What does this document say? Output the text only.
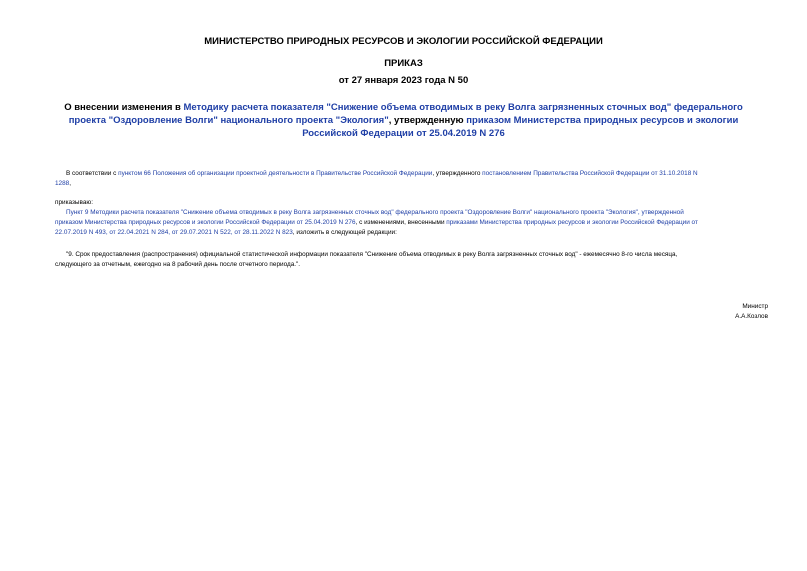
МИНИСТЕРСТВО ПРИРОДНЫХ РЕСУРСОВ И ЭКОЛОГИИ РОССИЙСКОЙ ФЕДЕРАЦИИ
ПРИКАЗ
от 27 января 2023 года N 50
О внесении изменения в Методику расчета показателя "Снижение объема отводимых в реку Волга загрязненных сточных вод" федерального проекта "Оздоровление Волги" национального проекта "Экология", утвержденную приказом Министерства природных ресурсов и экологии Российской Федерации от 25.04.2019 N 276
В соответствии с пунктом 66 Положения об организации проектной деятельности в Правительстве Российской Федерации, утвержденного постановлением Правительства Российской Федерации от 31.10.2018 N
1288,
приказываю:
Пункт 9 Методики расчета показателя "Снижение объема отводимых в реку Волга загрязненных сточных вод" федерального проекта "Оздоровление Волги" национального проекта "Экология", утвержденной
приказом Министерства природных ресурсов и экологии Российской Федерации от 25.04.2019 N 276, с изменениями, внесенными приказами Министерства природных ресурсов и экологии Российской Федерации от
22.07.2019 N 493, от 22.04.2021 N 284, от 29.07.2021 N 522, от 28.11.2022 N 823, изложить в следующей редакции:
"9. Срок предоставления (распространения) официальной статистической информации показателя "Снижение объема отводимых в реку Волга загрязненных сточных вод" - ежемесячно 8-го числа месяца,
следующего за отчетным, ежегодно на 8 рабочий день после отчетного периода.".
Министр
А.А.Козлов
